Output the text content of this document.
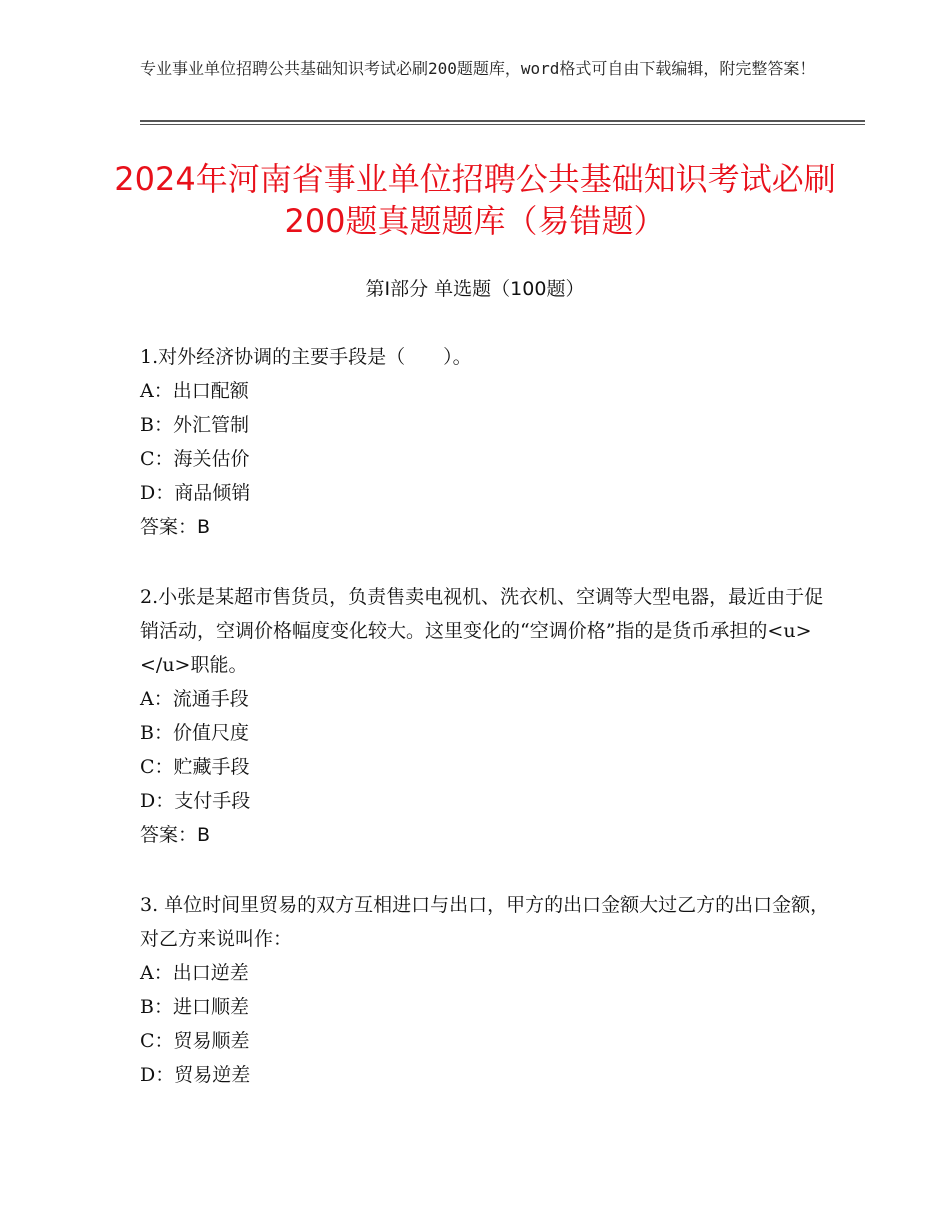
专业事业单位招聘公共基础知识考试必刷200题题库，word格式可自由下载编辑，附完整答案！
2024年河南省事业单位招聘公共基础知识考试必刷200题真题题库（易错题）
第Ⅰ部分 单选题（100题）
1.对外经济协调的主要手段是（　　）。
A：出口配额
B：外汇管制
C：海关估价
D：商品倾销
答案：B
2.小张是某超市售货员，负责售卖电视机、洗衣机、空调等大型电器，最近由于促销活动，空调价格幅度变化较大。这里变化的“空调价格”指的是货币承担的<u>　　　　</u>职能。
A：流通手段
B：价值尺度
C：贮藏手段
D：支付手段
答案：B
3. 单位时间里贸易的双方互相进口与出口，甲方的出口金额大过乙方的出口金额，对乙方来说叫作：
A：出口逆差
B：进口顺差
C：贸易顺差
D：贸易逆差
